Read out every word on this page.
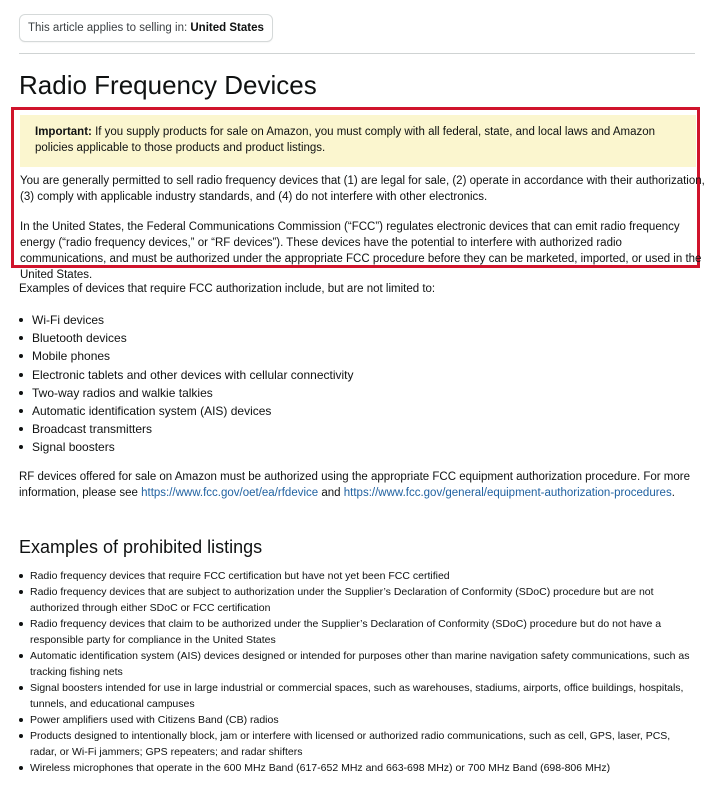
This article applies to selling in: United States
Radio Frequency Devices
Important: If you supply products for sale on Amazon, you must comply with all federal, state, and local laws and Amazon policies applicable to those products and product listings.

You are generally permitted to sell radio frequency devices that (1) are legal for sale, (2) operate in accordance with their authorization, (3) comply with applicable industry standards, and (4) do not interfere with other electronics.

In the United States, the Federal Communications Commission (“FCC”) regulates electronic devices that can emit radio frequency energy (“radio frequency devices,” or “RF devices”). These devices have the potential to interfere with authorized radio communications, and must be authorized under the appropriate FCC procedure before they can be marketed, imported, or used in the United States.

Examples of devices that require FCC authorization include, but are not limited to:

Wi-Fi devices
Bluetooth devices
Mobile phones
Electronic tablets and other devices with cellular connectivity
Two-way radios and walkie talkies
Automatic identification system (AIS) devices
Broadcast transmitters
Signal boosters

RF devices offered for sale on Amazon must be authorized using the appropriate FCC equipment authorization procedure. For more information, please see https://www.fcc.gov/oet/ea/rfdevice and https://www.fcc.gov/general/equipment-authorization-procedures.

Examples of prohibited listings
Radio frequency devices that require FCC certification but have not yet been FCC certified
Radio frequency devices that are subject to authorization under the Supplier’s Declaration of Conformity (SDoC) procedure but are not authorized through either SDoC or FCC certification
Radio frequency devices that claim to be authorized under the Supplier’s Declaration of Conformity (SDoC) procedure but do not have a responsible party for compliance in the United States
Automatic identification system (AIS) devices designed or intended for purposes other than marine navigation safety communications, such as tracking fishing nets
Signal boosters intended for use in large industrial or commercial spaces, such as warehouses, stadiums, airports, office buildings, hospitals, tunnels, and educational campuses
Power amplifiers used with Citizens Band (CB) radios
Products designed to intentionally block, jam or interfere with licensed or authorized radio communications, such as cell, GPS, laser, PCS, radar, or Wi-Fi jammers; GPS repeaters; and radar shifters
Wireless microphones that operate in the 600 MHz Band (617-652 MHz and 663-698 MHz) or 700 MHz Band (698-806 MHz)
